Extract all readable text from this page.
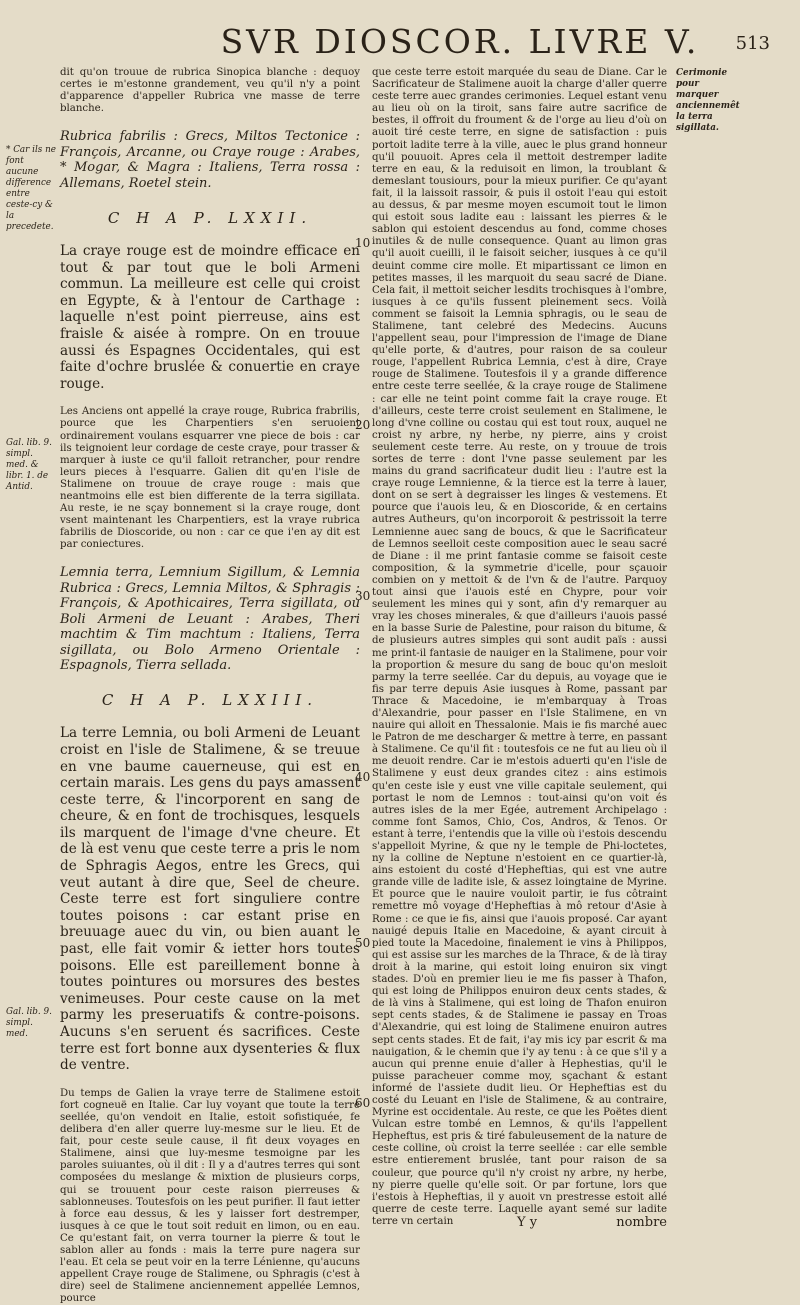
SVR DIOSCOR. LIVRE V.	513
* Car ils ne font aucune difference entre ceste-cy & la precedete.
Gal. lib. 9. simpl. med. & libr. 1. de Antid.
Gal. lib. 9. simpl. med.
Cerimonie pour marquer anciennemêt la terra sigillata.
10
20
30
40
50
60

dit qu'on trouue de rubrica Sinopica blanche : dequoy certes ie m'estonne grandement, veu qu'il n'y a point d'apparence d'appeller Rubrica vne masse de terre blanche.

Rubrica fabrilis : Grecs, Miltos Tectonice : François, Arcanne, ou Craye rouge : Arabes, * Mogar, & Magra : Italiens, Terra rossa : Allemans, Roetel stein.

C H A P. LXXII.

La craye rouge est de moindre efficace en tout & par tout que le boli Armeni commun. La meilleure est celle qui croist en Egypte, & à l'entour de Carthage : laquelle n'est point pierreuse, ains est fraisle & aisée à rompre. On en trouue aussi és Espagnes Occidentales, qui est faite d'ochre bruslée & conuertie en craye rouge.

Les Anciens ont appellé la craye rouge, Rubrica frabrilis, pource que les Charpentiers s'en seruoient ordinairement voulans esquarrer vne piece de bois : car ils teignoient leur cordage de ceste craye, pour trasser & marquer à iuste ce qu'il falloit retrancher, pour rendre leurs pieces à l'esquarre. Galien dit qu'en l'isle de Stalimene on trouue de craye rouge : mais que neantmoins elle est bien differente de la terra sigillata. Au reste, ie ne sçay bonnement si la craye rouge, dont vsent maintenant les Charpentiers, est la vraye rubrica fabrilis de Dioscoride, ou non : car ce que i'en ay dit est par coniectures.

Lemnia terra, Lemnium Sigillum, & Lemnia Rubrica : Grecs, Lemnia Miltos, & Sphragis : François, & Apothicaires, Terra sigillata, ou Boli Armeni de Leuant : Arabes, Theri machtim & Tim machtum : Italiens, Terra sigillata, ou Bolo Armeno Orientale : Espagnols, Tierra sellada.

C H A P. LXXIII.

La terre Lemnia, ou boli Armeni de Leuant croist en l'isle de Stalimene, & se treuue en vne baume cauerneuse, qui est en certain marais. Les gens du pays amassent ceste terre, & l'incorporent en sang de cheure, & en font de trochisques, lesquels ils marquent de l'image d'vne cheure. Et de là est venu que ceste terre a pris le nom de Sphragis Aegos, entre les Grecs, qui veut autant à dire que, Seel de cheure. Ceste terre est fort singuliere contre toutes poisons : car estant prise en breuuage auec du vin, ou bien auant le past, elle fait vomir & ietter hors toutes poisons. Elle est pareillement bonne à toutes pointures ou morsures des bestes venimeuses. Pour ceste cause on la met parmy les preseruatifs & contre-poisons. Aucuns s'en seruent és sacrifices. Ceste terre est fort bonne aux dysenteries & flux de ventre.

Du temps de Galien la vraye terre de Stalimene estoit fort cogneuë en Italie. Car luy voyant que toute la terre seellée, qu'on vendoit en Italie, estoit sofistiquée, fe delibera d'en aller querre luy-mesme sur le lieu. Et de fait, pour ceste seule cause, il fit deux voyages en Stalimene, ainsi que luy-mesme tesmoigne par les paroles suiuantes, où il dit : Il y a d'autres terres qui sont composées du meslange & mixtion de plusieurs corps, qui se trouuent pour ceste raison pierreuses & sablonneuses. Toutesfois on les peut purifier. Il faut ietter à force eau dessus, & les y laisser fort destremper, iusques à ce que le tout soit reduit en limon, ou en eau. Ce qu'estant fait, on verra tourner la pierre & tout le sablon aller au fonds : mais la terre pure nagera sur l'eau. Et cela se peut voir en la terre Lénienne, qu'aucuns appellent Craye rouge de Stalimene, ou Sphragis (c'est à dire) seel de Stalimene anciennement appellée Lemnos, pource

que ceste terre estoit marquée du seau de Diane. Car le Sacrificateur de Stalimene auoit la charge d'aller querre ceste terre auec grandes cerimonies. Lequel estant venu au lieu où on la tiroit, sans faire autre sacrifice de bestes, il offroit du froument & de l'orge au lieu d'où on auoit tiré ceste terre, en signe de satisfaction : puis portoit ladite terre à la ville, auec le plus grand honneur qu'il pouuoit. Apres cela il mettoit destremper ladite terre en eau, & la reduisoit en limon, la troublant & demeslant tousiours, pour la mieux purifier. Ce qu'ayant fait, il la laissoit rassoir, & puis il ostoit l'eau qui estoit au dessus, & par mesme moyen escumoit tout le limon qui estoit sous ladite eau : laissant les pierres & le sablon qui estoient descendus au fond, comme choses inutiles & de nulle consequence. Quant au limon gras qu'il auoit cueilli, il le faisoit seicher, iusques à ce qu'il deuint comme cire molle. Et mipartissant ce limon en petites masses, il les marquoit du seau sacré de Diane. Cela fait, il mettoit seicher lesdits trochisques à l'ombre, iusques à ce qu'ils fussent pleinement secs. Voilà comment se faisoit la Lemnia sphragis, ou le seau de Stalimene, tant celebré des Medecins. Aucuns l'appellent seau, pour l'impression de l'image de Diane qu'elle porte, & d'autres, pour raison de sa couleur rouge, l'appellent Rubrica Lemnia, c'est à dire, Craye rouge de Stalimene. Toutesfois il y a grande difference entre ceste terre seellée, & la craye rouge de Stalimene : car elle ne teint point comme fait la craye rouge. Et d'ailleurs, ceste terre croist seulement en Stalimene, le long d'vne colline ou costau qui est tout roux, auquel ne croist ny arbre, ny herbe, ny pierre, ains y croist seulement ceste terre. Au reste, on y trouue de trois sortes de terre : dont l'vne passe seulement par les mains du grand sacrificateur dudit lieu : l'autre est la craye rouge Lemnienne, & la tierce est la terre à lauer, dont on se sert à degraisser les linges & vestemens. Et pource que i'auois leu, & en Dioscoride, & en certains autres Autheurs, qu'on incorporoit & pestrissoit la terre Lemnienne auec sang de boucs, & que le Sacrificateur de Lemnos seelloit ceste composition auec le seau sacré de Diane : il me print fantasie comme se faisoit ceste composition, & la symmetrie d'icelle, pour sçauoir combien on y mettoit & de l'vn & de l'autre. Parquoy tout ainsi que i'auois esté en Chypre, pour voir seulement les mines qui y sont, afin d'y remarquer au vray les choses minerales, & que d'ailleurs i'auois passé en la basse Surie de Palestine, pour raison du bitume, & de plusieurs autres simples qui sont audit païs : aussi me print-il fantasie de nauiger en la Stalimene, pour voir la proportion & mesure du sang de bouc qu'on mesloit parmy la terre seellée. Car du depuis, au voyage que ie fis par terre depuis Asie iusques à Rome, passant par Thrace & Macedoine, ie m'embarquay à Troas d'Alexandrie, pour passer en l'Isle Stalimene, en vn nauire qui alloit en Thessalonie. Mais ie fis marché auec le Patron de me descharger & mettre à terre, en passant à Stalimene. Ce qu'il fit : toutesfois ce ne fut au lieu où il me deuoit rendre. Car ie m'estois aduerti qu'en l'isle de Stalimene y eust deux grandes citez : ains estimois qu'en ceste isle y eust vne ville capitale seulement, qui portast le nom de Lemnos : tout-ainsi qu'on voit és autres isles de la mer Egée, autrement Archipelago : comme font Samos, Chio, Cos, Andros, & Tenos. Or estant à terre, i'entendis que la ville où i'estois descendu s'appelloit Myrine, & que ny le temple de Phi-loctetes, ny la colline de Neptune n'estoient en ce quartier-là, ains estoient du costé d'Hepheftias, qui est vne autre grande ville de ladite isle, & assez loingtaine de Myrine. Et pource que le nauire vouloit partir, ie fus côtraint remettre mô voyage d'Hepheftias à mô retour d'Asie à Rome : ce que ie fis, ainsi que i'auois proposé. Car ayant nauigé depuis Italie en Macedoine, & ayant circuit à pied toute la Macedoine, finalement ie vins à Philippos, qui est assise sur les marches de la Thrace, & de là tiray droit à la marine, qui estoit loing enuiron six vingt stades. D'où en premier lieu ie me fis passer à Thafon, qui est loing de Philippos enuiron deux cents stades, & de là vins à Stalimene, qui est loing de Thafon enuiron sept cents stades, & de Stalimene ie passay en Troas d'Alexandrie, qui est loing de Stalimene enuiron autres sept cents stades. Et de fait, i'ay mis icy par escrit & ma nauigation, & le chemin que i'y ay tenu : à ce que s'il y a aucun qui prenne enuie d'aller à Hephestias, qu'il le puisse paracheuer comme moy, sçachant & estant informé de l'assiete dudit lieu. Or Hepheftias est du costé du Leuant en l'isle de Stalimene, & au contraire, Myrine est occidentale. Au reste, ce que les Poëtes dient Vulcan estre tombé en Lemnos, & qu'ils l'appellent Hepheftus, est pris & tiré fabuleusement de la nature de ceste colline, où croist la terre seellée : car elle semble estre entierement bruslée, tant pour raison de sa couleur, que pource qu'il n'y croist ny arbre, ny herbe, ny pierre quelle qu'elle soit. Or par fortune, lors que i'estois à Hepheftias, il y auoit vn prestresse estoit allé querre de ceste terre. Laquelle ayant semé sur ladite terre vn certain	Y y	nombre
